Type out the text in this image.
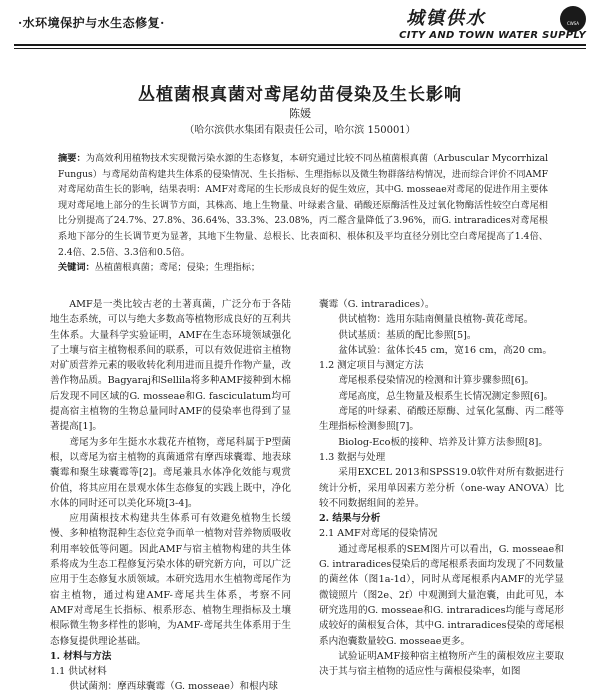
·水环境保护与水生态修复·	城镇供水	CWSA
CITY AND TOWN WATER SUPPLY
丛植菌根真菌对鸢尾幼苗侵染及生长影响
陈媛
（哈尔滨供水集团有限责任公司，哈尔滨 150001）
摘要：为高效利用植物技术实现微污染水源的生态修复，本研究通过比较不同丛植菌根真菌（Arbuscular Mycorrhizal Fungus）与鸢尾幼苗构建共生体系的侵染情况、生长指标、生理指标以及微生物群落结构情况，进而综合评价不同AMF对鸢尾幼苗生长的影响，结果表明：AMF对鸢尾的生长形成良好的促生效应，其中G. mosseae对鸢尾的促进作用主要体现对鸢尾地上部分的生长调节方面，其株高、地上生物量、叶绿素含量、硝酸还原酶活性及过氧化物酶活性较空白鸢尾相比分别提高了24.7%、27.8%、36.64%、33.3%、23.08%，丙二醛含量降低了3.96%，而G. intraradices对鸢尾根系地下部分的生长调节更为显著，其地下生物量、总根长、比表面积、根体积及平均直径分别比空白鸢尾提高了1.4倍、2.4倍、2.5倍、3.3倍和0.5倍。
关键词：丛植菌根真菌；鸢尾；侵染；生理指标；

AMF是一类比较古老的土著真菌，广泛分布于各陆地生态系统，可以与绝大多数高等植物形成良好的互利共生体系。大量科学实验证明，AMF在生态环境领域强化了土壤与宿主植物根系间的联系，可以有效促进宿主植物对矿质营养元素的吸收转化利用进而且提升作物产量，改善作物品质。Bagyaraj和Sellila将多种AMF接种到木棉后发现不同区域的G. mosseae和G. fasciculatum均可提高宿主植物的生物总量同时AMF的侵染率也得到了显著提高[1]。

鸢尾为多年生挺水水栽花卉植物，鸢尾科属于P型菌根，以鸢尾为宿主植物的真菌通常有摩西球囊霉、地表球囊霉和聚生球囊霉等[2]。鸢尾兼具水体净化效能与观赏价值，将其应用在景观水体生态修复的实践上既中，净化水体的同时还可以美化环境[3-4]。

应用菌根技术构建共生体系可有效避免植物生长缓慢、多种植物混种生态位竞争而单一植物对营养物质吸收利用率较低等问题。因此AMF与宿主植物构建的共生体系将成为生态工程修复污染水体的研究新方向，可以广泛应用于生态修复水质领域。本研究选用水生植物鸢尾作为宿主植物，通过构建AMF-鸢尾共生体系，考察不同AMF对鸢尾生长指标、根系形态、植物生理指标及土壤根际微生物多样性的影响，为AMF-鸢尾共生体系用于生态修复提供理论基础。

1. 材料与方法

1.1 供试材料

供试菌剂：摩西球囊霉（G. mosseae）和根内球

囊霉（G. intraradices）。

供试植物：选用东陆南侧量良植物-黄花鸢尾。

供试基质：基质的配比参照[5]。

盆体试验：盆体长45 cm，宽16 cm，高20 cm。

1.2 测定项目与测定方法

鸢尾根系侵染情况的检测和计算步骤参照[6]。

鸢尾高度，总生物量及根系生长情况测定参照[6]。

鸢尾的叶绿素、硝酸还原酶、过氧化氢酶、丙二醛等生理指标检测参照[7]。

Biolog-Eco板的接种、培养及计算方法参照[8]。

1.3 数据与处理

采用EXCEL 2013和SPSS19.0软件对所有数据进行统计分析，采用单因素方差分析（one-way ANOVA）比较不同数据组间的差异。

2. 结果与分析

2.1 AMF对鸢尾的侵染情况

通过鸢尾根系的SEM图片可以看出，G. mosseae和G. intraradices侵染后的鸢尾根系表面均发现了不同数量的菌丝体（图1a-1d），同时从鸢尾根系内AMF的光学显微镜照片（图2e、2f）中观测到大量泡囊，由此可见，本研究选用的G. mosseae和G. intraradices均能与鸢尾形成较好的菌根复合体，其中G. intraradices侵染的鸢尾根系内泡囊数量较G. mosseae更多。

试验证明AMF接种宿主植物所产生的菌根效应主要取决于其与宿主植物的适应性与菌根侵染率，如图
